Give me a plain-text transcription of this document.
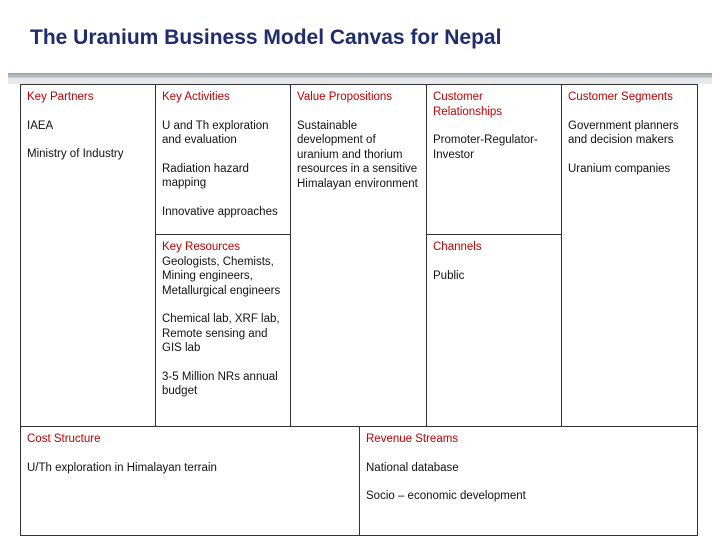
The Uranium Business Model Canvas for Nepal

Key Partners

IAEA

Ministry of Industry

Key Activities

U and Th exploration and evaluation

Radiation hazard mapping

Innovative approaches

Key Resources

Geologists, Chemists, Mining engineers, Metallurgical engineers

Chemical lab, XRF lab, Remote sensing and GIS lab

3-5 Million NRs annual budget

Value Propositions

Sustainable development of uranium and thorium resources in a sensitive Himalayan environment

Customer Relationships

Promoter-Regulator-Investor

Channels

Public

Customer Segments

Government planners and decision makers

Uranium companies

Cost Structure

U/Th exploration in Himalayan terrain

Revenue Streams

National database

Socio – economic development
